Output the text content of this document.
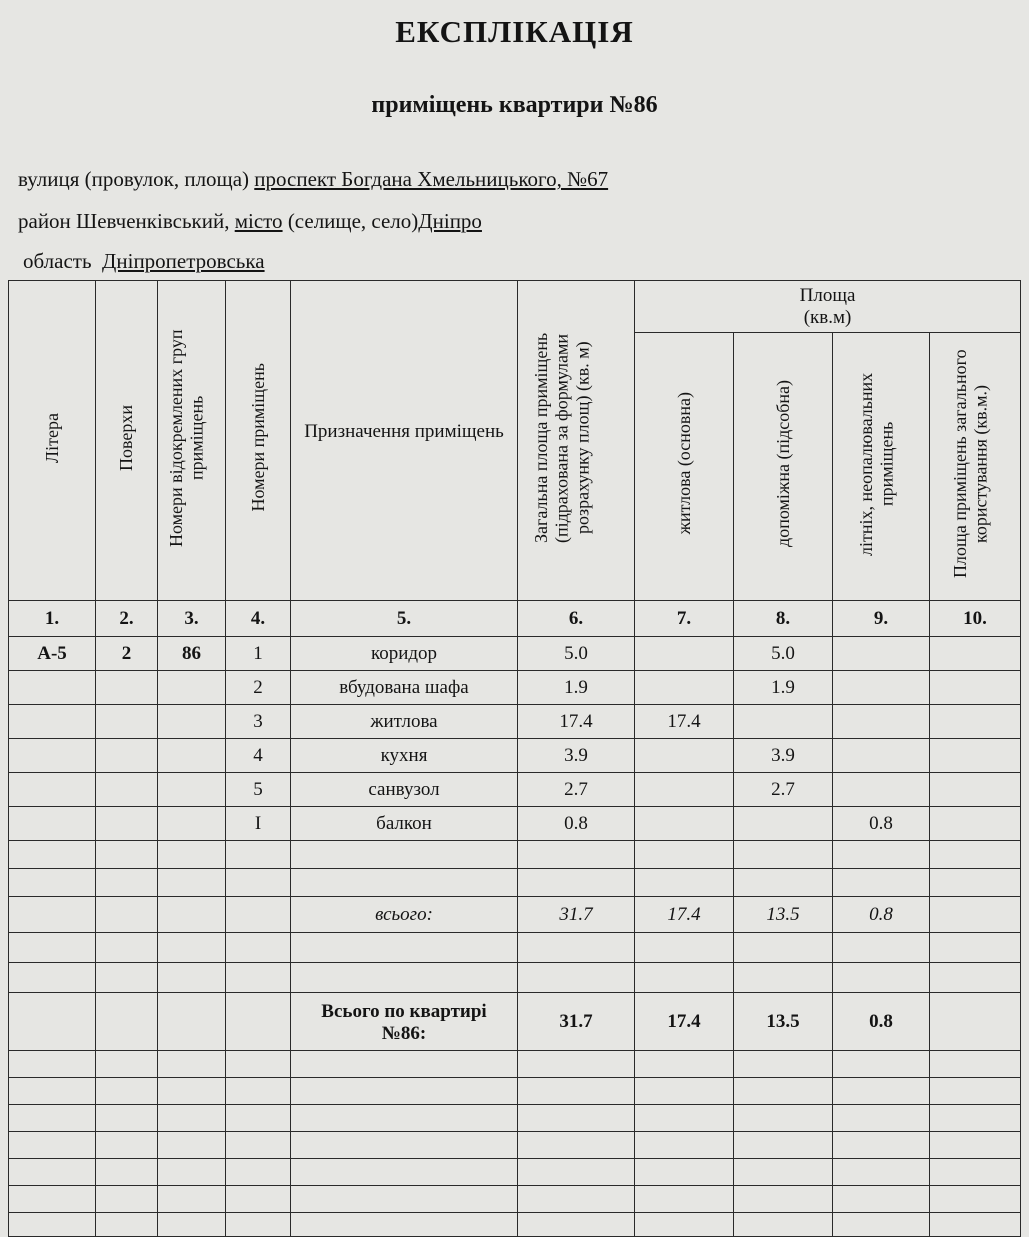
ЕКСПЛІКАЦІЯ
приміщень квартири №86
вулиця (провулок, площа) проспект Богдана Хмельницького, №67
район Шевченківський, місто (селище, село)Дніпро
область Дніпропетровська
Літера	Поверхи	Номери відокремлених груп приміщень	Номери приміщень	Призначення приміщень	Загальна площа приміщень (підрахована за формулами розрахунку площ) (кв. м)	Площа
(кв.м)			

						житлова (основна)	допоміжна (підсобна)	літніх, неопалювальних приміщень	Площа приміщень загального користування (кв.м.)
1.	2.	3.	4.	5.	6.	7.	8.	9.	10.
А-5	2	86	1	коридор	5.0		5.0		
			2	вбудована шафа	1.9		1.9		
			3	житлова	17.4	17.4			
			4	кухня	3.9		3.9		
			5	санвузол	2.7		2.7		
			I	балкон	0.8			0.8	

				всього:	31.7	17.4	13.5	0.8	

				Всього по квартирі
№86:	31.7	17.4	13.5	0.8	
